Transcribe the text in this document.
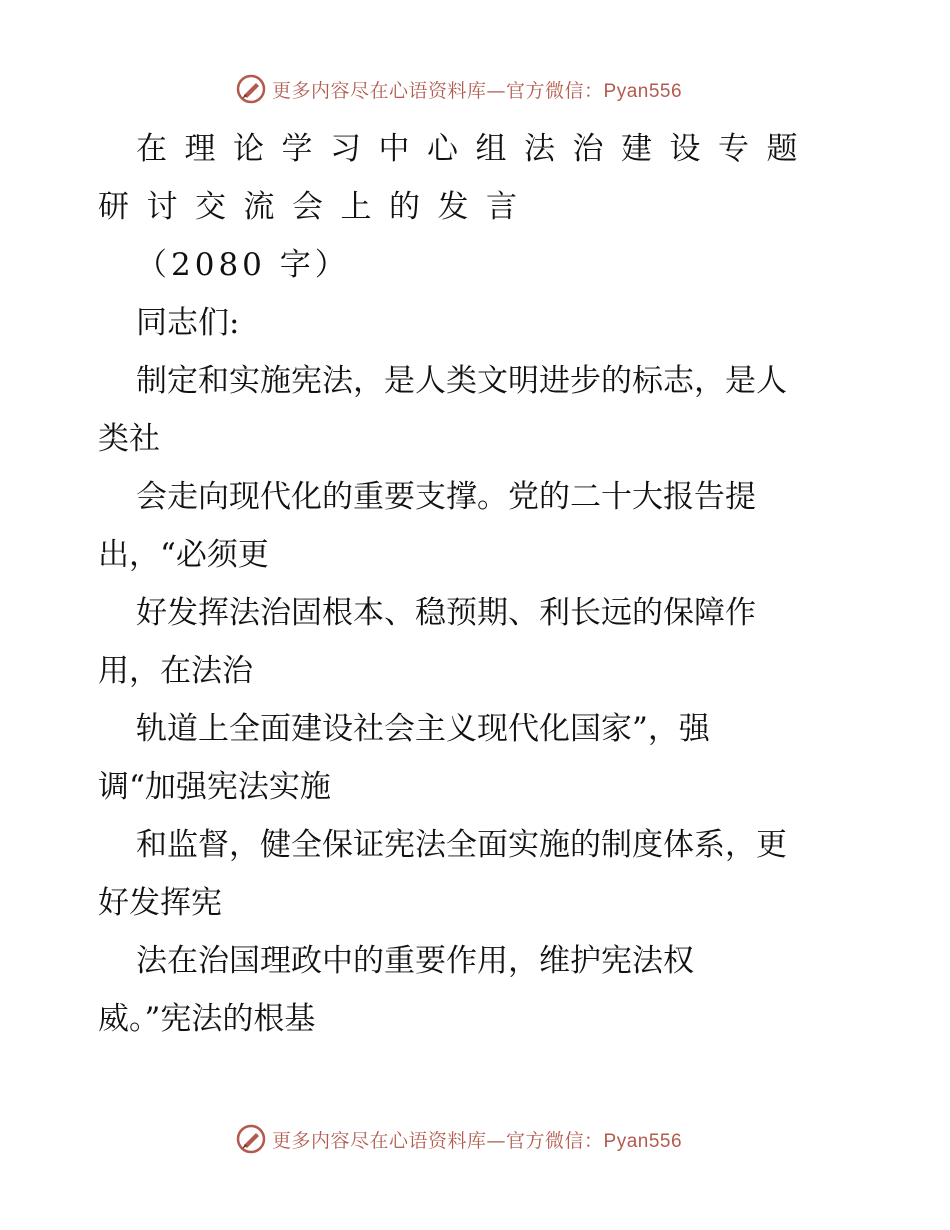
更多内容尽在心语资料库—官方微信：Pyan556
在理论学习中心组法治建设专题
研讨交流会上的发言
（2080 字）
同志们:
制定和实施宪法，是人类文明进步的标志，是人
类社
会走向现代化的重要支撑。党的二十大报告提
出，“必须更
好发挥法治固根本、稳预期、利长远的保障作
用，在法治
轨道上全面建设社会主义现代化国家”，强
调“加强宪法实施
和监督，健全保证宪法全面实施的制度体系，更
好发挥宪
法在治国理政中的重要作用，维护宪法权
威。”宪法的根基
更多内容尽在心语资料库—官方微信：Pyan556
